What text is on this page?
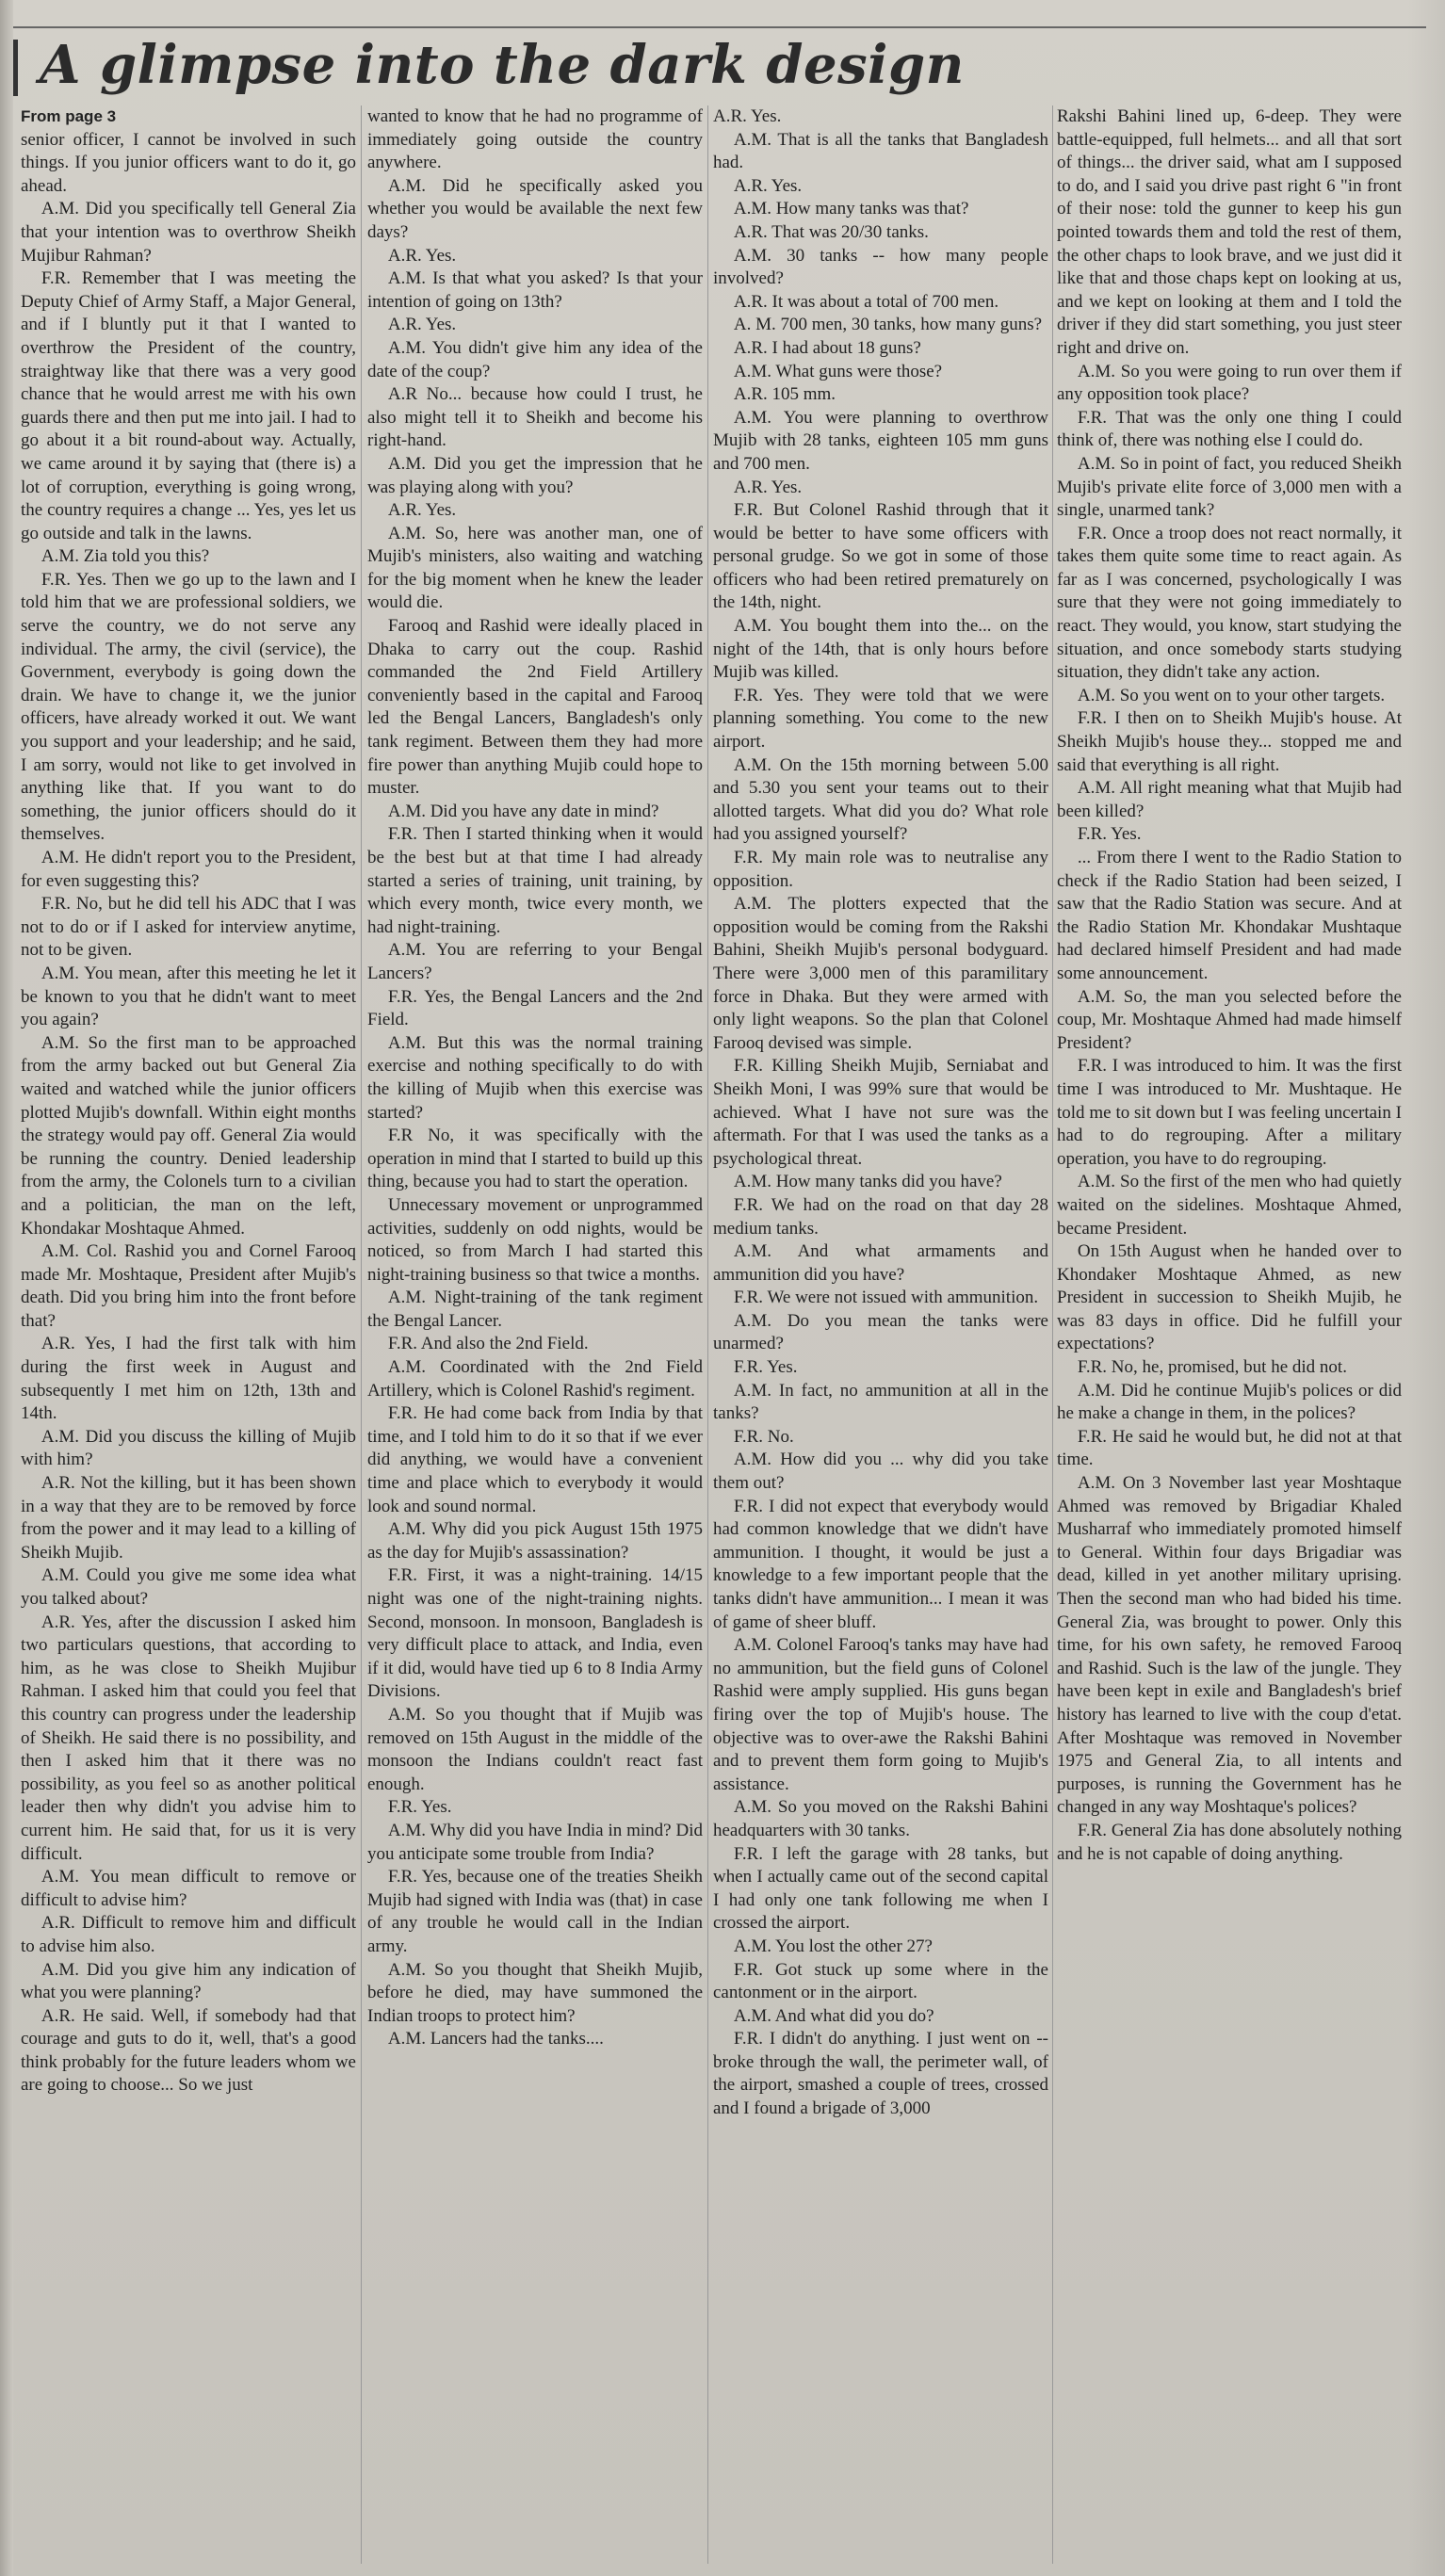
A glimpse into the dark design
From page 3

senior officer, I cannot be involved in such things. If you junior officers want to do it, go ahead.

A.M. Did you specifically tell General Zia that your intention was to overthrow Sheikh Mujibur Rahman?

F.R. Remember that I was meeting the Deputy Chief of Army Staff, a Major General, and if I bluntly put it that I wanted to overthrow the President of the country, straightway like that there was a very good chance that he would arrest me with his own guards there and then put me into jail. I had to go about it a bit round-about way. Actually, we came around it by saying that (there is) a lot of corruption, everything is going wrong, the country requires a change ... Yes, yes let us go outside and talk in the lawns.

A.M. Zia told you this?

F.R. Yes. Then we go up to the lawn and I told him that we are professional soldiers, we serve the country, we do not serve any individual. The army, the civil (service), the Government, everybody is going down the drain. We have to change it, we the junior officers, have already worked it out. We want you support and your leadership; and he said, I am sorry, would not like to get involved in anything like that. If you want to do something, the junior officers should do it themselves.

A.M. He didn't report you to the President, for even suggesting this?

F.R. No, but he did tell his ADC that I was not to do or if I asked for interview anytime, not to be given.

A.M. You mean, after this meeting he let it be known to you that he didn't want to meet you again?

A.M. So the first man to be approached from the army backed out but General Zia waited and watched while the junior officers plotted Mujib's downfall. Within eight months the strategy would pay off. General Zia would be running the country. Denied leadership from the army, the Colonels turn to a civilian and a politician, the man on the left, Khondakar Moshtaque Ahmed.

A.M. Col. Rashid you and Cornel Farooq made Mr. Moshtaque, President after Mujib's death. Did you bring him into the front before that?

A.R. Yes, I had the first talk with him during the first week in August and subsequently I met him on 12th, 13th and 14th.

A.M. Did you discuss the killing of Mujib with him?

A.R. Not the killing, but it has been shown in a way that they are to be removed by force from the power and it may lead to a killing of Sheikh Mujib.

A.M. Could you give me some idea what you talked about?

A.R. Yes, after the discussion I asked him two particulars questions, that according to him, as he was close to Sheikh Mujibur Rahman. I asked him that could you feel that this country can progress under the leadership of Sheikh. He said there is no possibility, and then I asked him that it there was no possibility, as you feel so as another political leader then why didn't you advise him to current him. He said that, for us it is very difficult.

A.M. You mean difficult to remove or difficult to advise him?

A.R. Difficult to remove him and difficult to advise him also.

A.M. Did you give him any indication of what you were planning?

A.R. He said. Well, if somebody had that courage and guts to do it, well, that's a good think probably for the future leaders whom we are going to choose... So we just

wanted to know that he had no programme of immediately going outside the country anywhere.

A.M. Did he specifically asked you whether you would be available the next few days?

A.R. Yes.

A.M. Is that what you asked? Is that your intention of going on 13th?

A.R. Yes.

A.M. You didn't give him any idea of the date of the coup?

A.R No... because how could I trust, he also might tell it to Sheikh and become his right-hand.

A.M. Did you get the impression that he was playing along with you?

A.R. Yes.

A.M. So, here was another man, one of Mujib's ministers, also waiting and watching for the big moment when he knew the leader would die.

Farooq and Rashid were ideally placed in Dhaka to carry out the coup. Rashid commanded the 2nd Field Artillery conveniently based in the capital and Farooq led the Bengal Lancers, Bangladesh's only tank regiment. Between them they had more fire power than anything Mujib could hope to muster.

A.M. Did you have any date in mind?

F.R. Then I started thinking when it would be the best but at that time I had already started a series of training, unit training, by which every month, twice every month, we had night-training.

A.M. You are referring to your Bengal Lancers?

F.R. Yes, the Bengal Lancers and the 2nd Field.

A.M. But this was the normal training exercise and nothing specifically to do with the killing of Mujib when this exercise was started?

F.R No, it was specifically with the operation in mind that I started to build up this thing, because you had to start the operation.

Unnecessary movement or unprogrammed activities, suddenly on odd nights, would be noticed, so from March I had started this night-training business so that twice a months.

A.M. Night-training of the tank regiment the Bengal Lancer.

F.R. And also the 2nd Field.

A.M. Coordinated with the 2nd Field Artillery, which is Colonel Rashid's regiment.

F.R. He had come back from India by that time, and I told him to do it so that if we ever did anything, we would have a convenient time and place which to everybody it would look and sound normal.

A.M. Why did you pick August 15th 1975 as the day for Mujib's assassination?

F.R. First, it was a night-training. 14/15 night was one of the night-training nights. Second, monsoon. In monsoon, Bangladesh is very difficult place to attack, and India, even if it did, would have tied up 6 to 8 India Army Divisions.

A.M. So you thought that if Mujib was removed on 15th August in the middle of the monsoon the Indians couldn't react fast enough.

F.R. Yes.

A.M. Why did you have India in mind? Did you anticipate some trouble from India?

F.R. Yes, because one of the treaties Sheikh Mujib had signed with India was (that) in case of any trouble he would call in the Indian army.

A.M. So you thought that Sheikh Mujib, before he died, may have summoned the Indian troops to protect him?

A.M. Lancers had the tanks....

A.R. Yes.

A.M. That is all the tanks that Bangladesh had.

A.R. Yes.

A.M. How many tanks was that?

A.R. That was 20/30 tanks.

A.M. 30 tanks -- how many people involved?

A.R. It was about a total of 700 men.

A. M. 700 men, 30 tanks, how many guns?

A.R. I had about 18 guns?

A.M. What guns were those?

A.R. 105 mm.

A.M. You were planning to overthrow Mujib with 28 tanks, eighteen 105 mm guns and 700 men.

A.R. Yes.

F.R. But Colonel Rashid through that it would be better to have some officers with personal grudge. So we got in some of those officers who had been retired prematurely on the 14th, night.

A.M. You bought them into the... on the night of the 14th, that is only hours before Mujib was killed.

F.R. Yes. They were told that we were planning something. You come to the new airport.

A.M. On the 15th morning between 5.00 and 5.30 you sent your teams out to their allotted targets. What did you do? What role had you assigned yourself?

F.R. My main role was to neutralise any opposition.

A.M. The plotters expected that the opposition would be coming from the Rakshi Bahini, Sheikh Mujib's personal bodyguard. There were 3,000 men of this paramilitary force in Dhaka. But they were armed with only light weapons. So the plan that Colonel Farooq devised was simple.

F.R. Killing Sheikh Mujib, Serniabat and Sheikh Moni, I was 99% sure that would be achieved. What I have not sure was the aftermath. For that I was used the tanks as a psychological threat.

A.M. How many tanks did you have?

F.R. We had on the road on that day 28 medium tanks.

A.M. And what armaments and ammunition did you have?

F.R. We were not issued with ammunition.

A.M. Do you mean the tanks were unarmed?

F.R. Yes.

A.M. In fact, no ammunition at all in the tanks?

F.R. No.

A.M. How did you ... why did you take them out?

F.R. I did not expect that everybody would had common knowledge that we didn't have ammunition. I thought, it would be just a knowledge to a few important people that the tanks didn't have ammunition... I mean it was of game of sheer bluff.

A.M. Colonel Farooq's tanks may have had no ammunition, but the field guns of Colonel Rashid were amply supplied. His guns began firing over the top of Mujib's house. The objective was to over-awe the Rakshi Bahini and to prevent them form going to Mujib's assistance.

A.M. So you moved on the Rakshi Bahini headquarters with 30 tanks.

F.R. I left the garage with 28 tanks, but when I actually came out of the second capital I had only one tank following me when I crossed the airport.

A.M. You lost the other 27?

F.R. Got stuck up some where in the cantonment or in the airport.

A.M. And what did you do?

F.R. I didn't do anything. I just went on -- broke through the wall, the perimeter wall, of the airport, smashed a couple of trees, crossed and I found a brigade of 3,000

Rakshi Bahini lined up, 6-deep. They were battle-equipped, full helmets... and all that sort of things... the driver said, what am I supposed to do, and I said you drive past right 6 "in front of their nose: told the gunner to keep his gun pointed towards them and told the rest of them, the other chaps to look brave, and we just did it like that and those chaps kept on looking at us, and we kept on looking at them and I told the driver if they did start something, you just steer right and drive on.

A.M. So you were going to run over them if any opposition took place?

F.R. That was the only one thing I could think of, there was nothing else I could do.

A.M. So in point of fact, you reduced Sheikh Mujib's private elite force of 3,000 men with a single, unarmed tank?

F.R. Once a troop does not react normally, it takes them quite some time to react again. As far as I was concerned, psychologically I was sure that they were not going immediately to react. They would, you know, start studying the situation, and once somebody starts studying situation, they didn't take any action.

A.M. So you went on to your other targets.

F.R. I then on to Sheikh Mujib's house. At Sheikh Mujib's house they... stopped me and said that everything is all right.

A.M. All right meaning what that Mujib had been killed?

F.R. Yes.

... From there I went to the Radio Station to check if the Radio Station had been seized, I saw that the Radio Station was secure. And at the Radio Station Mr. Khondakar Mushtaque had declared himself President and had made some announcement.

A.M. So, the man you selected before the coup, Mr. Moshtaque Ahmed had made himself President?

F.R. I was introduced to him. It was the first time I was introduced to Mr. Mushtaque. He told me to sit down but I was feeling uncertain I had to do regrouping. After a military operation, you have to do regrouping.

A.M. So the first of the men who had quietly waited on the sidelines. Moshtaque Ahmed, became President.

On 15th August when he handed over to Khondaker Moshtaque Ahmed, as new President in succession to Sheikh Mujib, he was 83 days in office. Did he fulfill your expectations?

F.R. No, he, promised, but he did not.

A.M. Did he continue Mujib's polices or did he make a change in them, in the polices?

F.R. He said he would but, he did not at that time.

A.M. On 3 November last year Moshtaque Ahmed was removed by Brigadiar Khaled Musharraf who immediately promoted himself to General. Within four days Brigadiar was dead, killed in yet another military uprising. Then the second man who had bided his time. General Zia, was brought to power. Only this time, for his own safety, he removed Farooq and Rashid. Such is the law of the jungle. They have been kept in exile and Bangladesh's brief history has learned to live with the coup d'etat. After Moshtaque was removed in November 1975 and General Zia, to all intents and purposes, is running the Government has he changed in any way Moshtaque's polices?

F.R. General Zia has done absolutely nothing and he is not capable of doing anything.
